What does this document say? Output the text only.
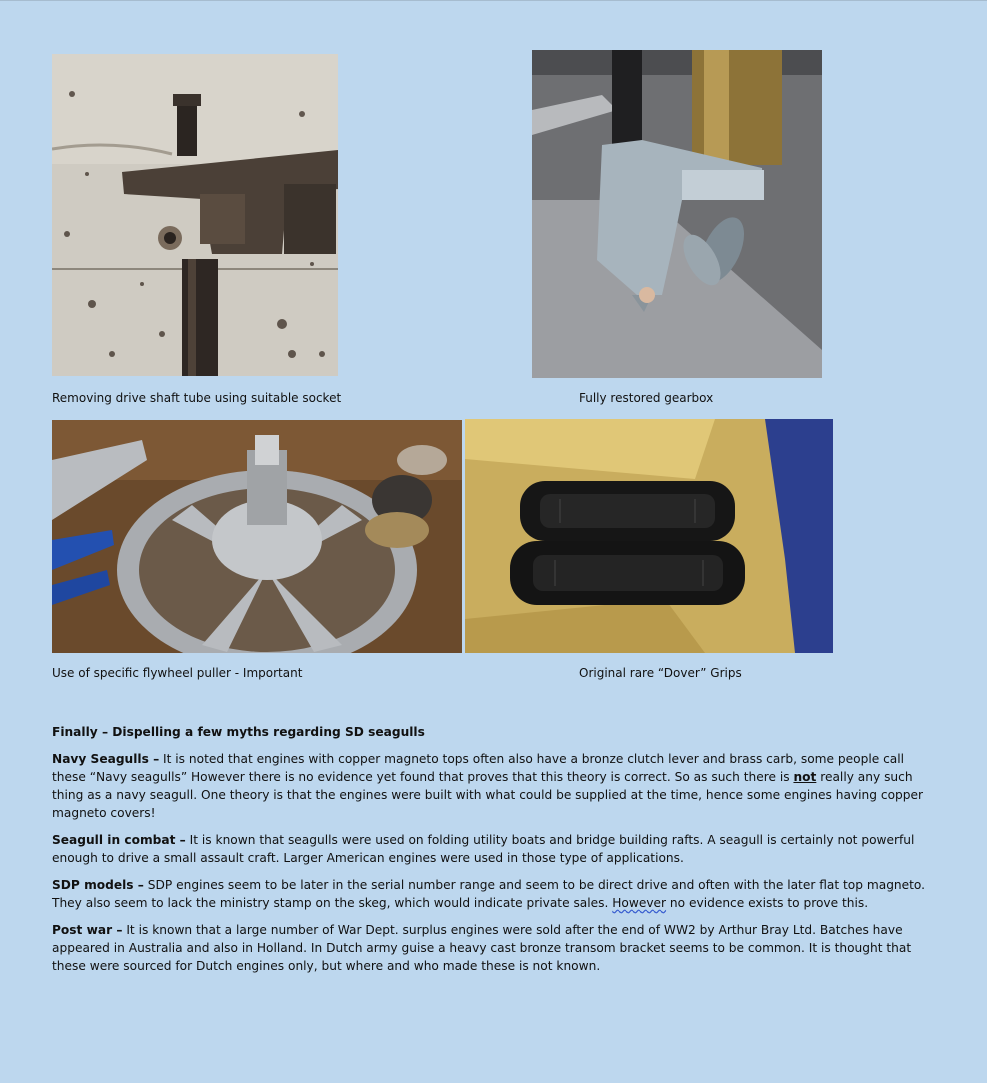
Removing drive shaft tube using suitable socket	Fully restored gearbox
Use of specific flywheel puller - Important	Original rare “Dover” Grips
Finally – Dispelling a few myths regarding SD seagulls

Navy Seagulls – It is noted that engines with copper magneto tops often also have a bronze clutch lever and brass carb, some people call these “Navy seagulls” However there is no evidence yet found that proves that this theory is correct. So as such there is not really any such thing as a navy seagull. One theory is that the engines were built with what could be supplied at the time, hence some engines having copper magneto covers!

Seagull in combat – It is known that seagulls were used on folding utility boats and bridge building rafts. A seagull is certainly not powerful enough to drive a small assault craft. Larger American engines were used in those type of applications.

SDP models – SDP engines seem to be later in the serial number range and seem to be direct drive and often with the later flat top magneto. They also seem to lack the ministry stamp on the skeg, which would indicate private sales. However no evidence exists to prove this.

Post war – It is known that a large number of War Dept. surplus engines were sold after the end of WW2 by Arthur Bray Ltd. Batches have appeared in Australia and also in Holland. In Dutch army guise a heavy cast bronze transom bracket seems to be common. It is thought that these were sourced for Dutch engines only, but where and who made these is not known.
